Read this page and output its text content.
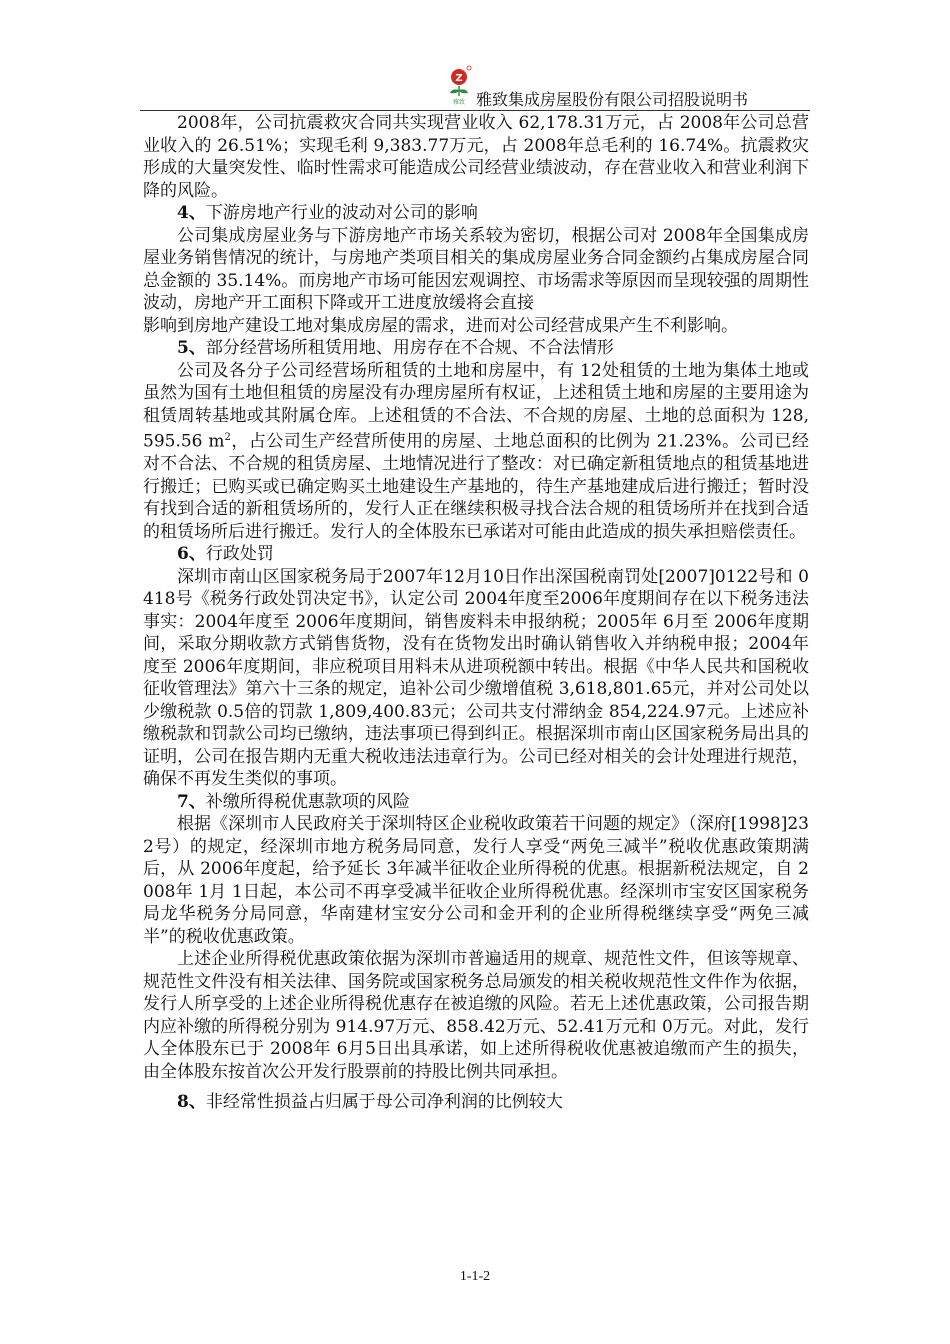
Z
雅致 雅致集成房屋股份有限公司招股说明书

2008年，公司抗震救灾合同共实现营业收入 62,178.31万元，占 2008年公司总营业收入的 26.51%；实现毛利 9,383.77万元，占 2008年总毛利的 16.74%。抗震救灾形成的大量突发性、临时性需求可能造成公司经营业绩波动，存在营业收入和营业利润下降的风险。

4、下游房地产行业的波动对公司的影响

公司集成房屋业务与下游房地产市场关系较为密切，根据公司对 2008年全国集成房屋业务销售情况的统计，与房地产类项目相关的集成房屋业务合同金额约占集成房屋合同总金额的 35.14%。而房地产市场可能因宏观调控、市场需求等原因而呈现较强的周期性波动，房地产开工面积下降或开工进度放缓将会直接

影响到房地产建设工地对集成房屋的需求，进而对公司经营成果产生不利影响。

5、部分经营场所租赁用地、用房存在不合规、不合法情形

公司及各分子公司经营场所租赁的土地和房屋中，有 12处租赁的土地为集体土地或虽然为国有土地但租赁的房屋没有办理房屋所有权证，上述租赁土地和房屋的主要用途为租赁周转基地或其附属仓库。上述租赁的不合法、不合规的房屋、土地的总面积为 128,595.56 $m^2$，占公司生产经营所使用的房屋、土地总面积的比例为 21.23%。公司已经对不合法、不合规的租赁房屋、土地情况进行了整改：对已确定新租赁地点的租赁基地进行搬迁；已购买或已确定购买土地建设生产基地的，待生产基地建成后进行搬迁；暂时没有找到合适的新租赁场所的，发行人正在继续积极寻找合法合规的租赁场所并在找到合适的租赁场所后进行搬迁。发行人的全体股东已承诺对可能由此造成的损失承担赔偿责任。

6、行政处罚

深圳市南山区国家税务局于2007年12月10日作出深国税南罚处[2007]0122号和 0418号《税务行政处罚决定书》，认定公司 2004年度至2006年度期间存在以下税务违法事实：2004年度至 2006年度期间，销售废料未申报纳税；2005年 6月至 2006年度期间，采取分期收款方式销售货物，没有在货物发出时确认销售收入并纳税申报；2004年度至 2006年度期间，非应税项目用料未从进项税额中转出。根据《中华人民共和国税收征收管理法》第六十三条的规定，追补公司少缴增值税 3,618,801.65元，并对公司处以少缴税款 0.5倍的罚款 1,809,400.83元；公司共支付滞纳金 854,224.97元。上述应补缴税款和罚款公司均已缴纳，违法事项已得到纠正。根据深圳市南山区国家税务局出具的证明，公司在报告期内无重大税收违法违章行为。公司已经对相关的会计处理进行规范，确保不再发生类似的事项。

7、补缴所得税优惠款项的风险

根据《深圳市人民政府关于深圳特区企业税收政策若干问题的规定》（深府[1998]232号）的规定，经深圳市地方税务局同意，发行人享受“两免三减半”税收优惠政策期满后，从 2006年度起，给予延长 3年减半征收企业所得税的优惠。根据新税法规定，自 2008年 1月 1日起，本公司不再享受减半征收企业所得税优惠。经深圳市宝安区国家税务局龙华税务分局同意，华南建材宝安分公司和金开利的企业所得税继续享受“两免三减半”的税收优惠政策。

上述企业所得税优惠政策依据为深圳市普遍适用的规章、规范性文件，但该等规章、规范性文件没有相关法律、国务院或国家税务总局颁发的相关税收规范性文件作为依据，发行人所享受的上述企业所得税优惠存在被追缴的风险。若无上述优惠政策，公司报告期内应补缴的所得税分别为 914.97万元、858.42万元、52.41万元和 0万元。对此，发行人全体股东已于 2008年 6月5日出具承诺，如上述所得税收优惠被追缴而产生的损失，由全体股东按首次公开发行股票前的持股比例共同承担。

8、非经常性损益占归属于母公司净利润的比例较大

1-1-2
